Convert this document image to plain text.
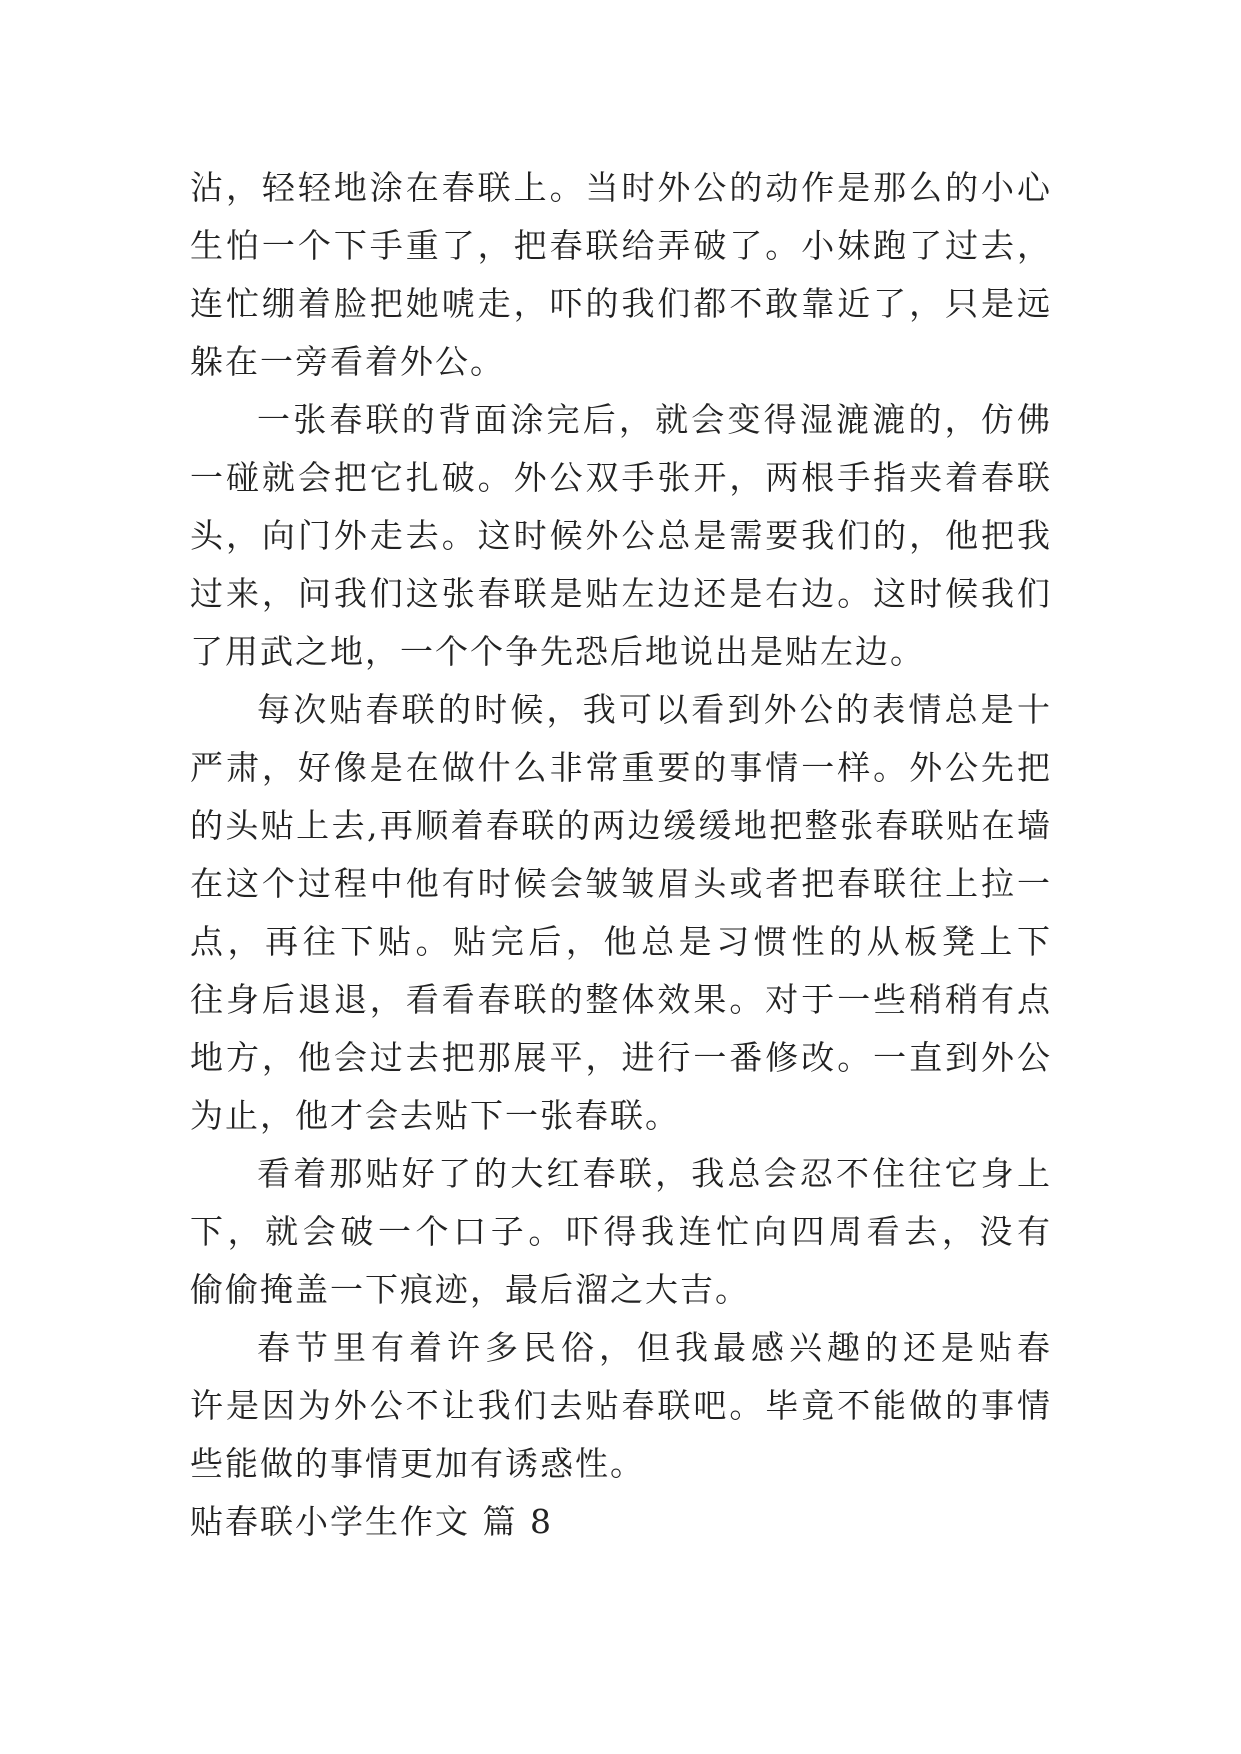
沾，轻轻地涂在春联上。当时外公的动作是那么的小心
生怕一个下手重了，把春联给弄破了。小妹跑了过去，
连忙绷着脸把她唬走，吓的我们都不敢靠近了，只是远
躲在一旁看着外公。
一张春联的背面涂完后，就会变得湿漉漉的，仿佛
一碰就会把它扎破。外公双手张开，两根手指夹着春联
头，向门外走去。这时候外公总是需要我们的，他把我
过来，问我们这张春联是贴左边还是右边。这时候我们
了用武之地，一个个争先恐后地说出是贴左边。
每次贴春联的时候，我可以看到外公的表情总是十
严肃，好像是在做什么非常重要的事情一样。外公先把
的头贴上去,再顺着春联的两边缓缓地把整张春联贴在墙
在这个过程中他有时候会皱皱眉头或者把春联往上拉一
点，再往下贴。贴完后，他总是习惯性的从板凳上下
往身后退退，看看春联的整体效果。对于一些稍稍有点
地方，他会过去把那展平，进行一番修改。一直到外公
为止，他才会去贴下一张春联。
看着那贴好了的大红春联，我总会忍不住往它身上
下，就会破一个口子。吓得我连忙向四周看去，没有
偷偷掩盖一下痕迹，最后溜之大吉。
春节里有着许多民俗，但我最感兴趣的还是贴春
许是因为外公不让我们去贴春联吧。毕竟不能做的事情
些能做的事情更加有诱惑性。
贴春联小学生作文 篇 8
